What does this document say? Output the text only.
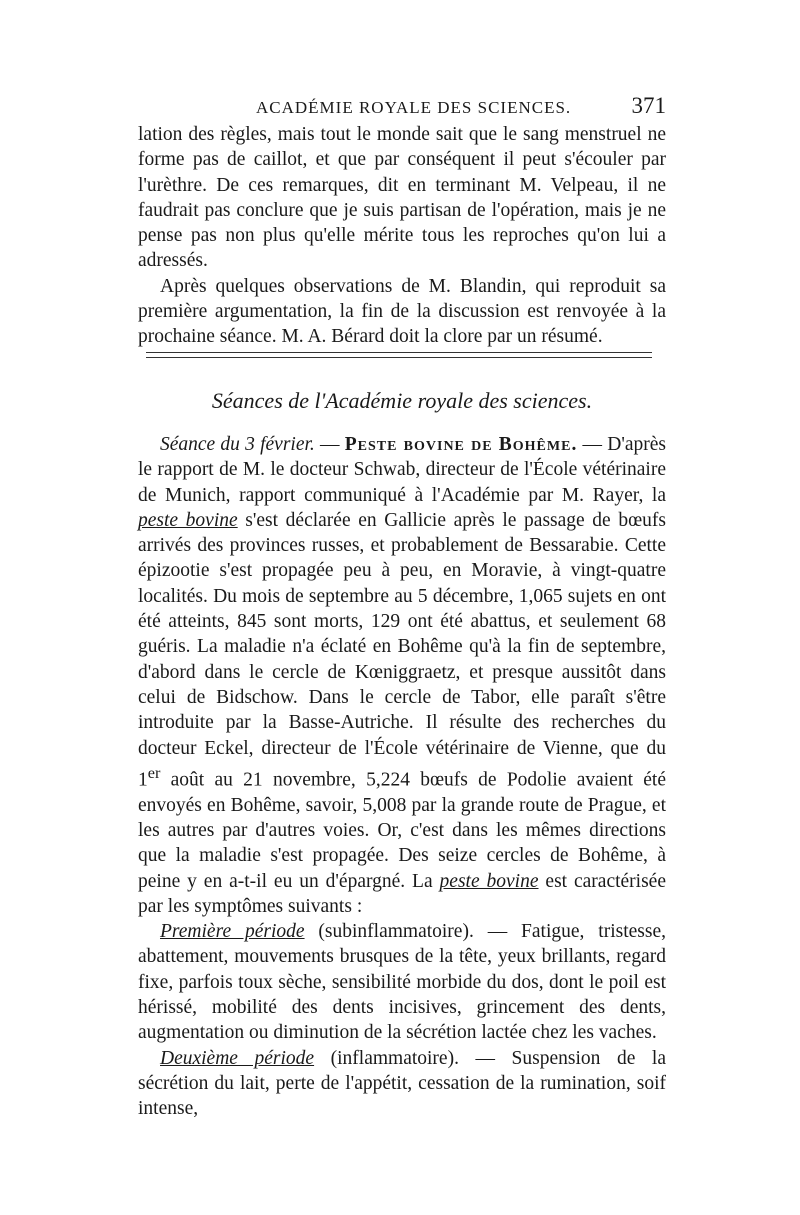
ACADÉMIE ROYALE DES SCIENCES.	371

lation des règles, mais tout le monde sait que le sang menstruel ne forme pas de caillot, et que par conséquent il peut s'écouler par l'urèthre. De ces remarques, dit en terminant M. Velpeau, il ne faudrait pas conclure que je suis partisan de l'opération, mais je ne pense pas non plus qu'elle mérite tous les reproches qu'on lui a adressés.

Après quelques observations de M. Blandin, qui reproduit sa première argumentation, la fin de la discussion est renvoyée à la prochaine séance. M. A. Bérard doit la clore par un résumé.

Séances de l'Académie royale des sciences.

Séance du 3 février. — Peste bovine de Bohême. — D'après le rapport de M. le docteur Schwab, directeur de l'École vétérinaire de Munich, rapport communiqué à l'Académie par M. Rayer, la peste bovine s'est déclarée en Gallicie après le passage de bœufs arrivés des provinces russes, et probablement de Bessarabie. Cette épizootie s'est propagée peu à peu, en Moravie, à vingt-quatre localités. Du mois de septembre au 5 décembre, 1,065 sujets en ont été atteints, 845 sont morts, 129 ont été abattus, et seulement 68 guéris. La maladie n'a éclaté en Bohême qu'à la fin de septembre, d'abord dans le cercle de Kœniggraetz, et presque aussitôt dans celui de Bidschow. Dans le cercle de Tabor, elle paraît s'être introduite par la Basse-Autriche. Il résulte des recherches du docteur Eckel, directeur de l'École vétérinaire de Vienne, que du 1er août au 21 novembre, 5,224 bœufs de Podolie avaient été envoyés en Bohême, savoir, 5,008 par la grande route de Prague, et les autres par d'autres voies. Or, c'est dans les mêmes directions que la maladie s'est propagée. Des seize cercles de Bohême, à peine y en a-t-il eu un d'épargné. La peste bovine est caractérisée par les symptômes suivants :

Première période (subinflammatoire). — Fatigue, tristesse, abattement, mouvements brusques de la tête, yeux brillants, regard fixe, parfois toux sèche, sensibilité morbide du dos, dont le poil est hérissé, mobilité des dents incisives, grincement des dents, augmentation ou diminution de la sécrétion lactée chez les vaches.

Deuxième période (inflammatoire). — Suspension de la sécrétion du lait, perte de l'appétit, cessation de la rumination, soif intense,
